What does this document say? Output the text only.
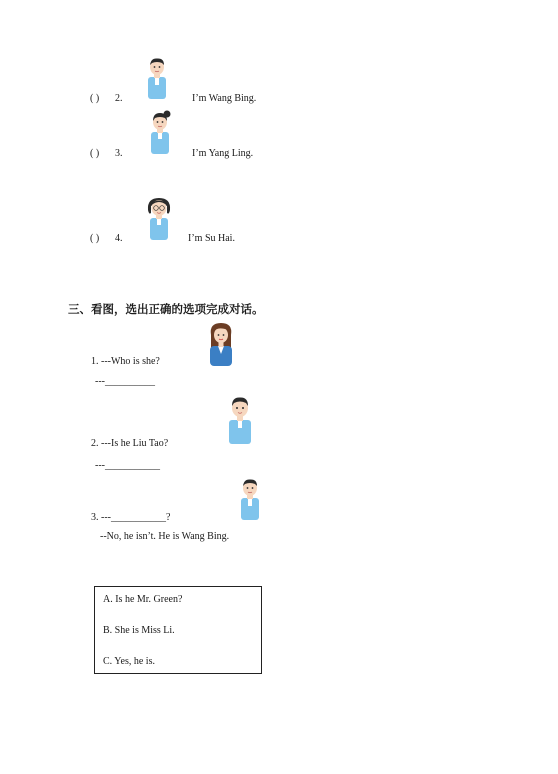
( ) 2.	I’m Wang Bing.
( ) 3.	I’m Yang Ling.
( ) 4.	I’m Su Hai.
三、看图，选出正确的选项完成对话。
1. ---Who is she?
---__________
2. ---Is he Liu Tao?
---___________
3. ---___________?
--No, he isn’t. He is Wang Bing.
A. Is he Mr. Green?
B. She is Miss Li.
C. Yes, he is.
